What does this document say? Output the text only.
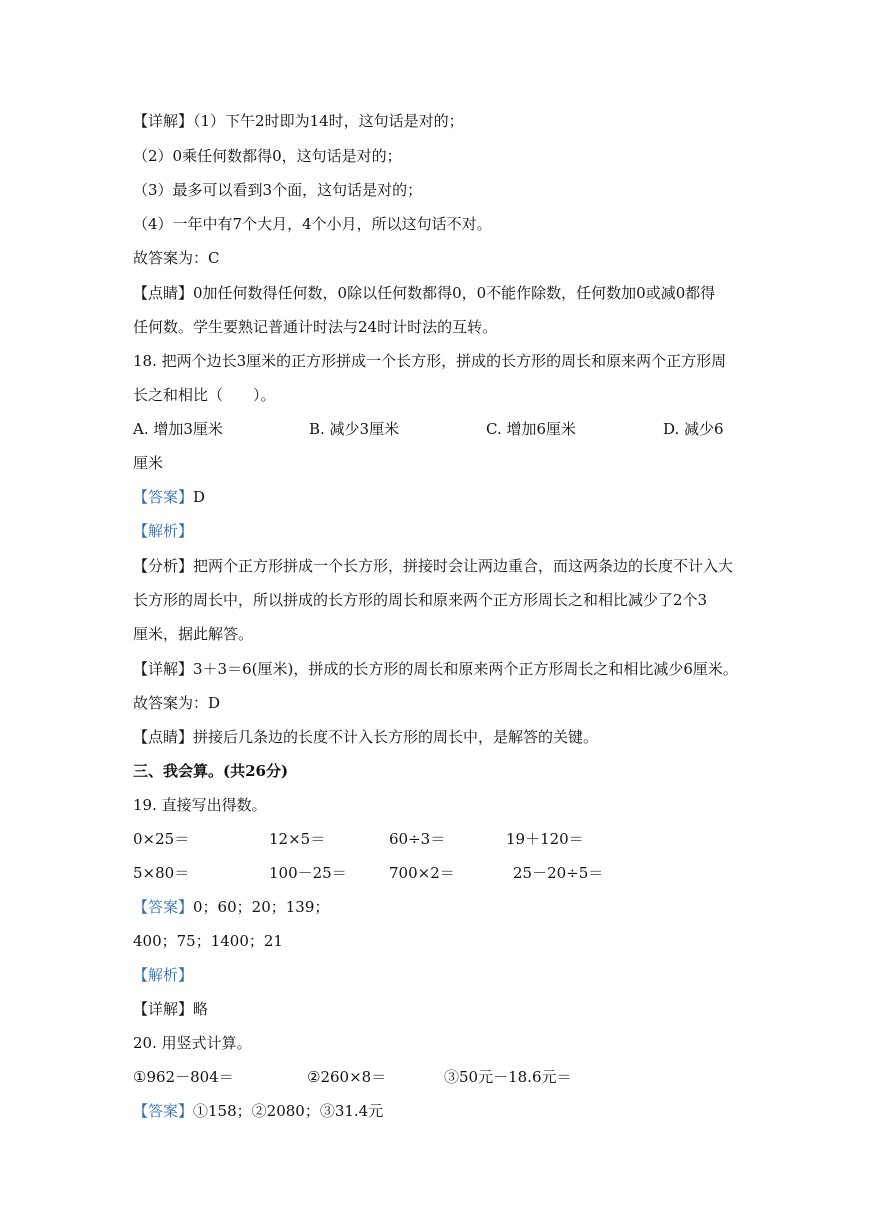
【详解】（1）下午2时即为14时，这句话是对的；
（2）0乘任何数都得0，这句话是对的；
（3）最多可以看到3个面，这句话是对的；
（4）一年中有7个大月，4个小月，所以这句话不对。
故答案为：C
【点睛】0加任何数得任何数，0除以任何数都得0，0不能作除数，任何数加0或减0都得
任何数。学生要熟记普通计时法与24时计时法的互转。
18. 把两个边长3厘米的正方形拼成一个长方形，拼成的长方形的周长和原来两个正方形周
长之和相比（　　）。
A. 增加3厘米	B. 减少3厘米	C. 增加6厘米	D. 减少6
厘米
【答案】D
【解析】
【分析】把两个正方形拼成一个长方形，拼接时会让两边重合，而这两条边的长度不计入大
长方形的周长中，所以拼成的长方形的周长和原来两个正方形周长之和相比减少了2个3
厘米，据此解答。
【详解】3＋3＝6(厘米)，拼成的长方形的周长和原来两个正方形周长之和相比减少6厘米。
故答案为：D
【点睛】拼接后几条边的长度不计入长方形的周长中，是解答的关键。
三、我会算。(共26分)
19. 直接写出得数。
0×25＝	12×5＝	60÷3＝	19＋120＝
5×80＝	100－25＝	700×2＝	25－20÷5＝
【答案】0；60；20；139；
400；75；1400；21
【解析】
【详解】略
20. 用竖式计算。
①962－804＝	②260×8＝	③50元－18.6元＝
【答案】①158；②2080；③31.4元
